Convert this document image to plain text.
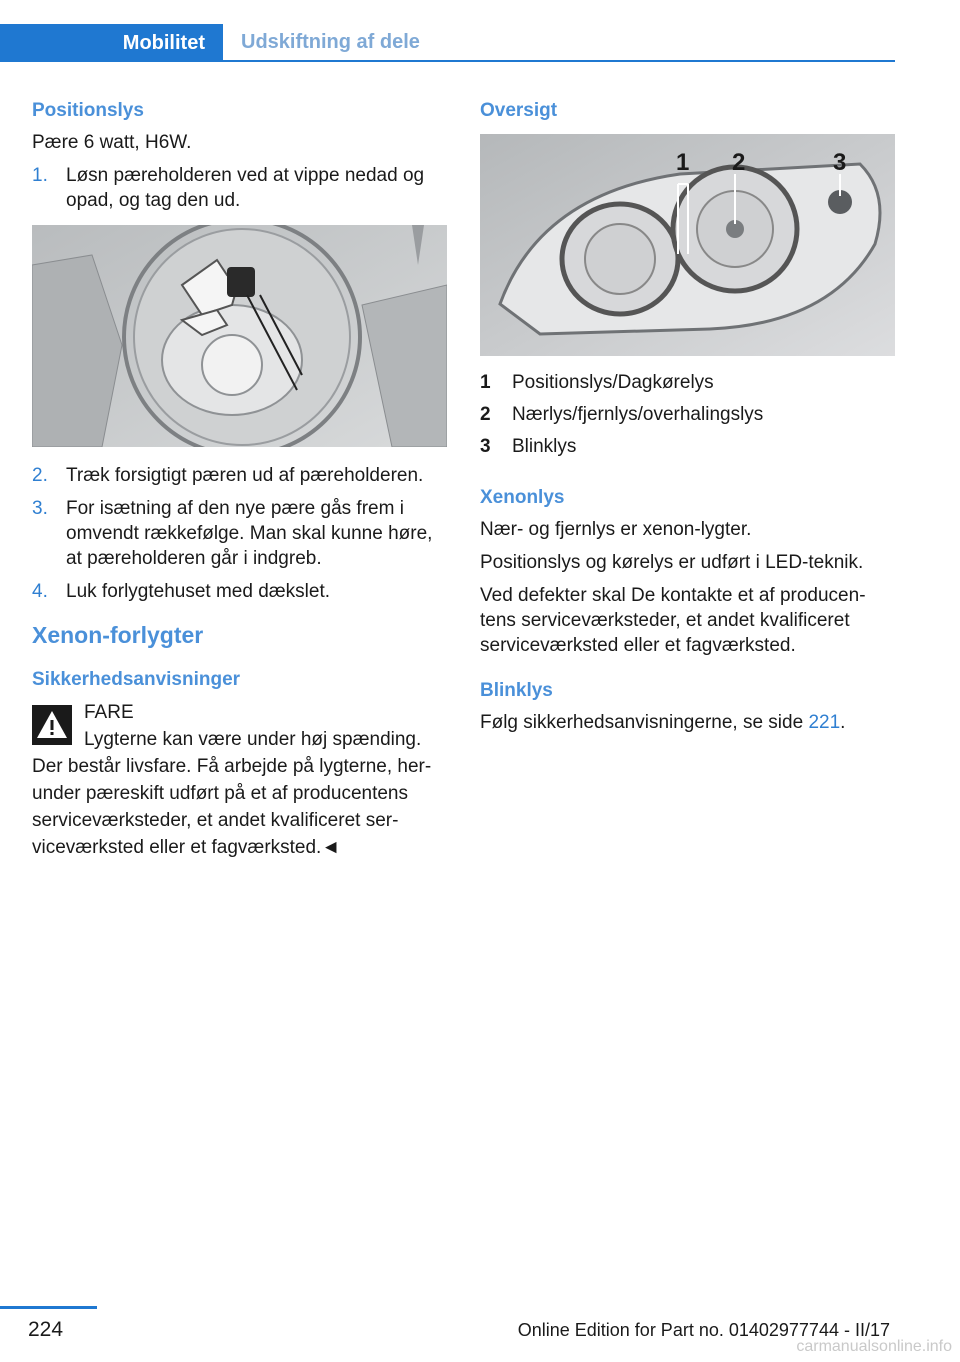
Mobilitet	Udskiftning af dele
Positionslys

Pære 6 watt, H6W.

1. Løsn pæreholderen ved at vippe nedad og opad, og tag den ud.
2. Træk forsigtigt pæren ud af pæreholderen.
3. For isætning af den nye pære gås frem i omvendt rækkefølge. Man skal kunne høre, at pæreholderen går i indgreb.
4. Luk forlygtehuset med dækslet.
Xenon-forlygter
Sikkerhedsanvisninger
FARE
Lygterne kan være under høj spænding.
Der består livsfare. Få arbejde på lygterne, herunder pæreskift udført på et af producentens serviceværksteder, et andet kvalificeret serviceværksted eller et fagværksted.◄
Oversigt
1 2	3
1	Positionslys/Dagkørelys
2	Nærlys/fjernlys/overhalingslys
3	Blinklys
Xenonlys

Nær- og fjernlys er xenon-lygter.

Positionslys og kørelys er udført i LED-teknik.

Ved defekter skal De kontakte et af producentens serviceværksteder, et andet kvalificeret serviceværksted eller et fagværksted.

Blinklys

Følg sikkerhedsanvisningerne, se side 221.

224	Online Edition for Part no. 01402977744 - II/17
carmanualsonline.info
